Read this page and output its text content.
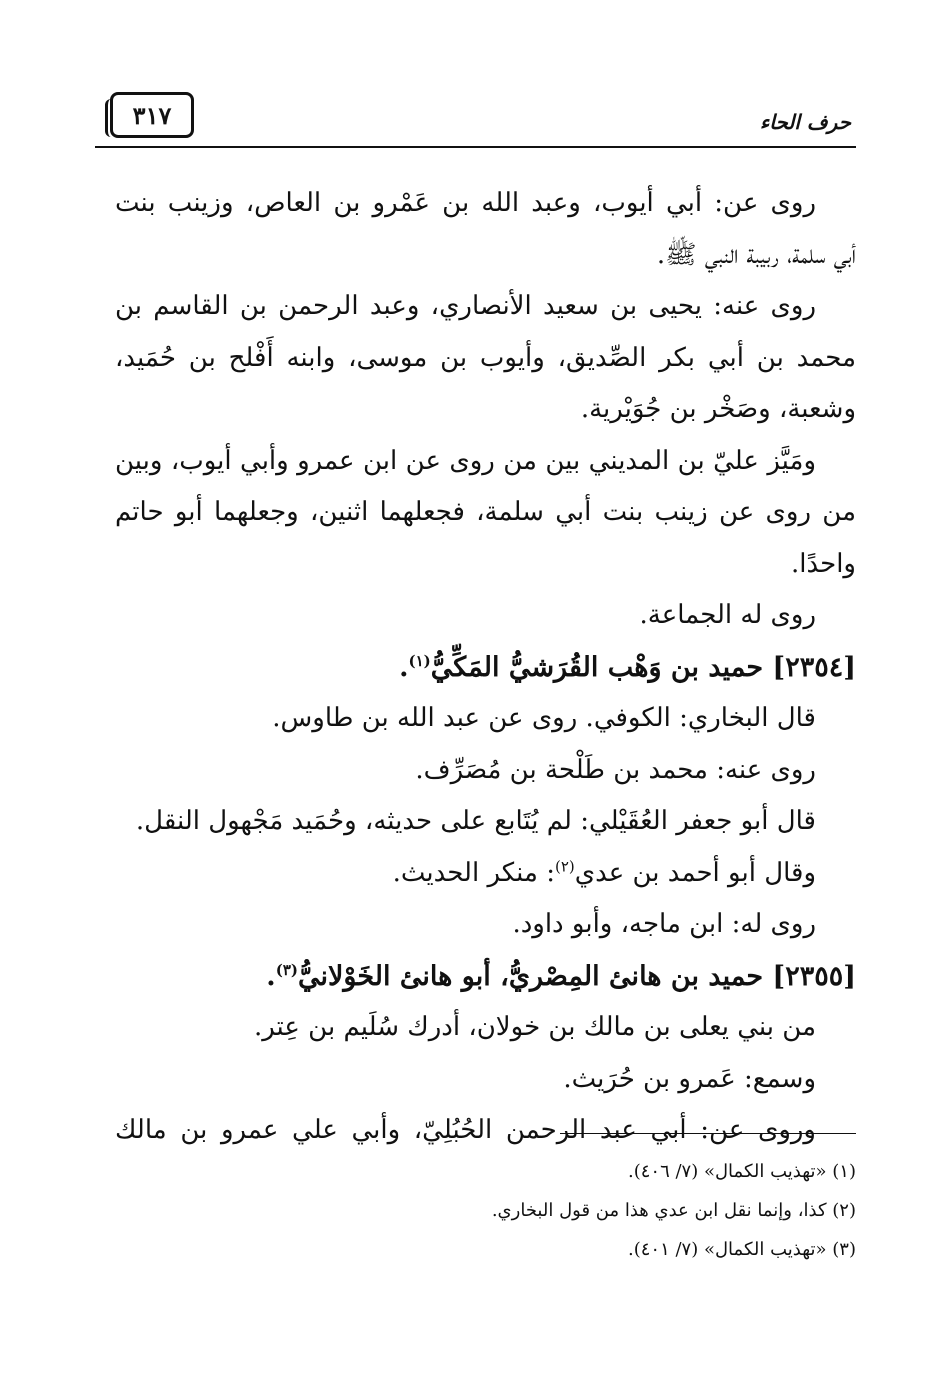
حرف الحاء
٣١٧
روى عن: أبي أيوب، وعبد الله بن عَمْرو بن العاص، وزينب بنت
أبي سلمة، ربيبة النبي ﷺ.
روى عنه: يحيى بن سعيد الأنصاري، وعبد الرحمن بن القاسم بن
محمد بن أبي بكر الصِّديق، وأيوب بن موسى، وابنه أَفْلح بن حُمَيد،
وشعبة، وصَخْر بن جُوَيْرية.
ومَيَّز عليّ بن المديني بين من روى عن ابن عمرو وأبي أيوب، وبين
من روى عن زينب بنت أبي سلمة، فجعلهما اثنين، وجعلهما أبو حاتم
واحدًا.
روى له الجماعة.
[٢٣٥٤] حميد بن وَهْب القُرَشيُّ المَكِّيُّ$^{(١)}$.
قال البخاري: الكوفي. روى عن عبد الله بن طاوس.
روى عنه: محمد بن طَلْحة بن مُصَرِّف.
قال أبو جعفر العُقَيْلي: لم يُتَابع على حديثه، وحُمَيد مَجْهول النقل.
وقال أبو أحمد بن عدي$^{(٢)}$: منكر الحديث.
روى له: ابن ماجه، وأبو داود.
[٢٣٥٥] حميد بن هانئ المِصْريُّ، أبو هانئ الخَوْلانيُّ$^{(٣)}$.
من بني يعلى بن مالك بن خولان، أدرك سُلَيم بن عِتر.
وسمع: عَمرو بن حُرَيث.
وروى عن: أبي عبد الرحمن الحُبُلِيّ، وأبي علي عمرو بن مالك
(١) «تهذيب الكمال» (٧/ ٤٠٦).
(٢) كذا، وإنما نقل ابن عدي هذا من قول البخاري.
(٣) «تهذيب الكمال» (٧/ ٤٠١).
